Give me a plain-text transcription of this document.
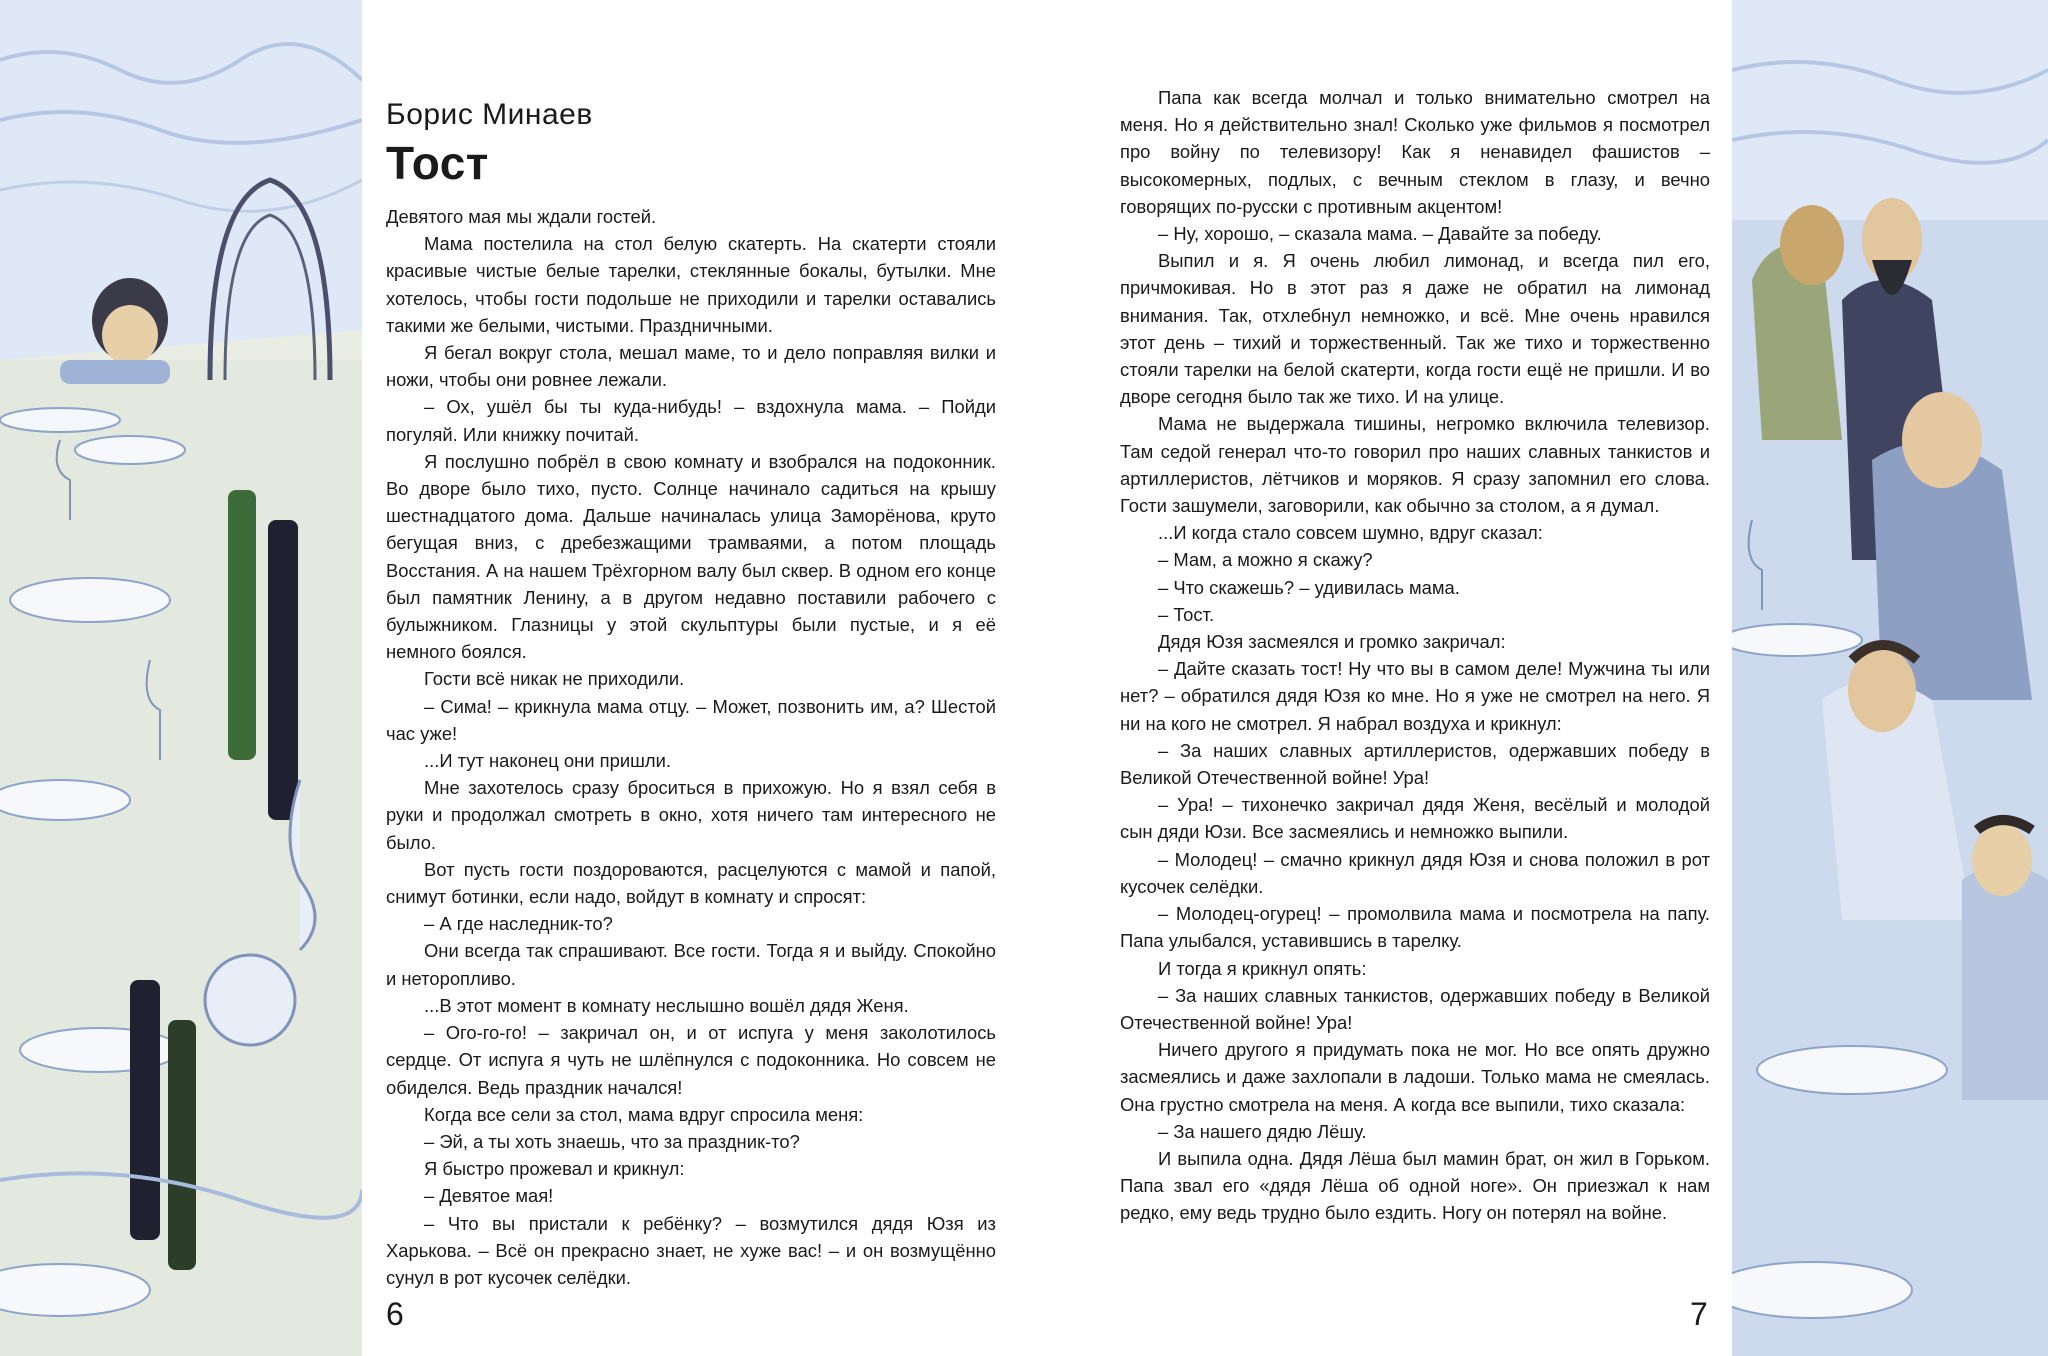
Борис Минаев
Тост

Девятого мая мы ждали гостей.

Мама постелила на стол белую скатерть. На скатерти стояли красивые чистые белые тарелки, стеклянные бокалы, бутылки. Мне хотелось, чтобы гости подольше не приходили и тарелки оставались такими же белыми, чистыми. Праздничными.

Я бегал вокруг стола, мешал маме, то и дело поправляя вилки и ножи, чтобы они ровнее лежали.

– Ох, ушёл бы ты куда-нибудь! – вздохнула мама. – Пойди погуляй. Или книжку почитай.

Я послушно побрёл в свою комнату и взобрался на подоконник. Во дворе было тихо, пусто. Солнце начинало садиться на крышу шестнадцатого дома. Дальше начиналась улица Заморёнова, круто бегущая вниз, с дребезжащими трамваями, а потом площадь Восстания. А на нашем Трёхгорном валу был сквер. В одном его конце был памятник Ленину, а в другом недавно поставили рабочего с булыжником. Глазницы у этой скульптуры были пустые, и я её немного боялся.

Гости всё никак не приходили.

– Сима! – крикнула мама отцу. – Может, позвонить им, а? Шестой час уже!

...И тут наконец они пришли.

Мне захотелось сразу броситься в прихожую. Но я взял себя в руки и продолжал смотреть в окно, хотя ничего там интересного не было.

Вот пусть гости поздороваются, расцелуются с мамой и папой, снимут ботинки, если надо, войдут в комнату и спросят:

– А где наследник-то?

Они всегда так спрашивают. Все гости. Тогда я и выйду. Спокойно и неторопливо.

...В этот момент в комнату неслышно вошёл дядя Женя.

– Ого-го-го! – закричал он, и от испуга у меня заколотилось сердце. От испуга я чуть не шлёпнулся с подоконника. Но совсем не обиделся. Ведь праздник начался!

Когда все сели за стол, мама вдруг спросила меня:

– Эй, а ты хоть знаешь, что за праздник-то?

Я быстро прожевал и крикнул:

– Девятое мая!

– Что вы пристали к ребёнку? – возмутился дядя Юзя из Харькова. – Всё он прекрасно знает, не хуже вас! – и он возмущённо сунул в рот кусочек селёдки.

6

Папа как всегда молчал и только внимательно смотрел на меня. Но я действительно знал! Сколько уже фильмов я посмотрел про войну по телевизору! Как я ненавидел фашистов – высокомерных, подлых, с вечным стеклом в глазу, и вечно говорящих по-русски с противным акцентом!

– Ну, хорошо, – сказала мама. – Давайте за победу.

Выпил и я. Я очень любил лимонад, и всегда пил его, причмокивая. Но в этот раз я даже не обратил на лимонад внимания. Так, отхлебнул немножко, и всё. Мне очень нравился этот день – тихий и торжественный. Так же тихо и торжественно стояли тарелки на белой скатерти, когда гости ещё не пришли. И во дворе сегодня было так же тихо. И на улице.

Мама не выдержала тишины, негромко включила телевизор. Там седой генерал что-то говорил про наших славных танкистов и артиллеристов, лётчиков и моряков. Я сразу запомнил его слова. Гости зашумели, заговорили, как обычно за столом, а я думал.

...И когда стало совсем шумно, вдруг сказал:

– Мам, а можно я скажу?

– Что скажешь? – удивилась мама.

– Тост.

Дядя Юзя засмеялся и громко закричал:

– Дайте сказать тост! Ну что вы в самом деле! Мужчина ты или нет? – обратился дядя Юзя ко мне. Но я уже не смотрел на него. Я ни на кого не смотрел. Я набрал воздуха и крикнул:

– За наших славных артиллеристов, одержавших победу в Великой Отечественной войне! Ура!

– Ура! – тихонечко закричал дядя Женя, весёлый и молодой сын дяди Юзи. Все засмеялись и немножко выпили.

– Молодец! – смачно крикнул дядя Юзя и снова положил в рот кусочек селёдки.

– Молодец-огурец! – промолвила мама и посмотрела на папу. Папа улыбался, уставившись в тарелку.

И тогда я крикнул опять:

– За наших славных танкистов, одержавших победу в Великой Отечественной войне! Ура!

Ничего другого я придумать пока не мог. Но все опять дружно засмеялись и даже захлопали в ладоши. Только мама не смеялась. Она грустно смотрела на меня. А когда все выпили, тихо сказала:

– За нашего дядю Лёшу.

И выпила одна. Дядя Лёша был мамин брат, он жил в Горьком. Папа звал его «дядя Лёша об одной ноге». Он приезжал к нам редко, ему ведь трудно было ездить. Ногу он потерял на войне.

7
